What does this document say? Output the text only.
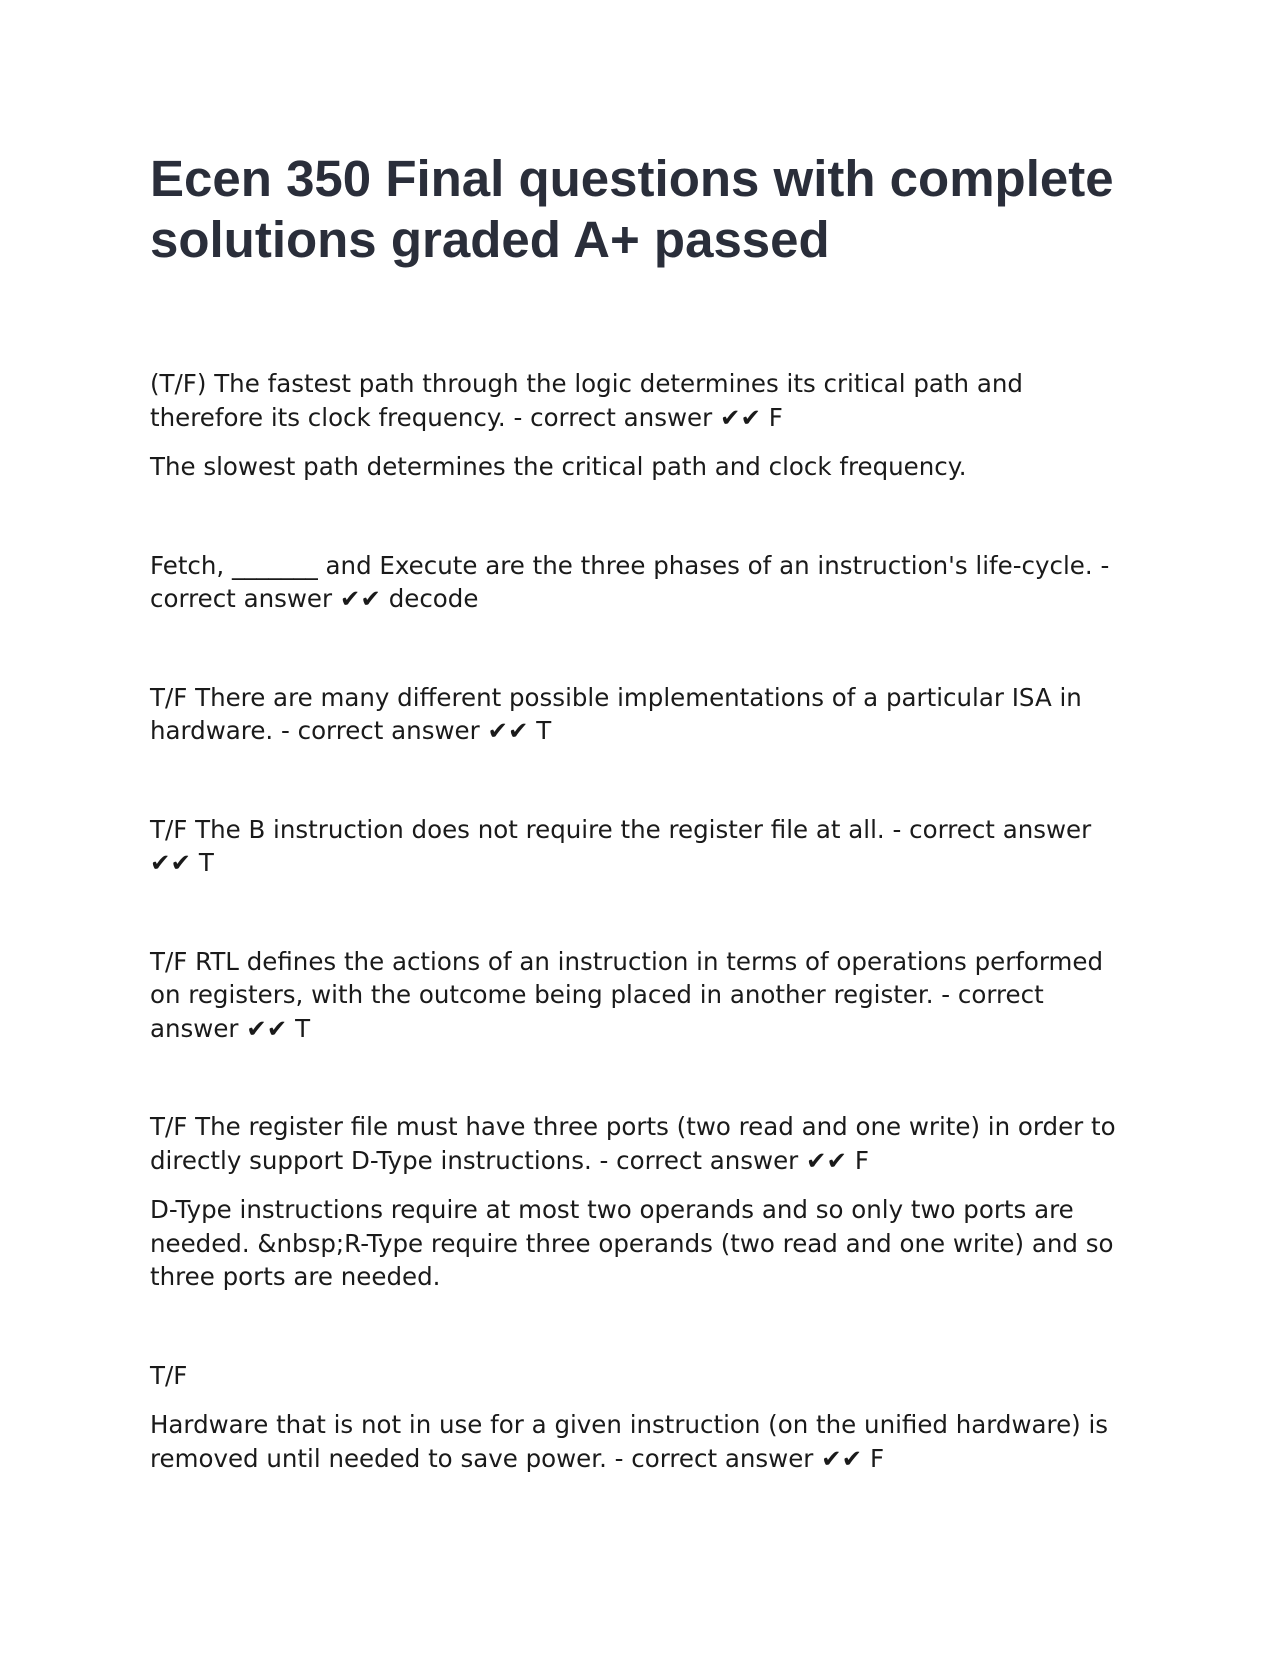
Ecen 350 Final questions with complete solutions graded A+ passed

(T/F) The fastest path through the logic determines its critical path and therefore its clock frequency. - correct answer ✔✔ F

The slowest path determines the critical path and clock frequency.

Fetch, _______ and Execute are the three phases of an instruction's life-cycle. - correct answer ✔✔ decode

T/F There are many different possible implementations of a particular ISA in hardware. - correct answer ✔✔ T

T/F The B instruction does not require the register file at all. - correct answer ✔✔ T

T/F RTL defines the actions of an instruction in terms of operations performed on registers, with the outcome being placed in another register. - correct answer ✔✔ T

T/F The register file must have three ports (two read and one write) in order to directly support D-Type instructions. - correct answer ✔✔ F

D-Type instructions require at most two operands and so only two ports are needed. &nbsp;R-Type require three operands (two read and one write) and so three ports are needed.

T/F

Hardware that is not in use for a given instruction (on the unified hardware) is removed until needed to save power. - correct answer ✔✔ F
